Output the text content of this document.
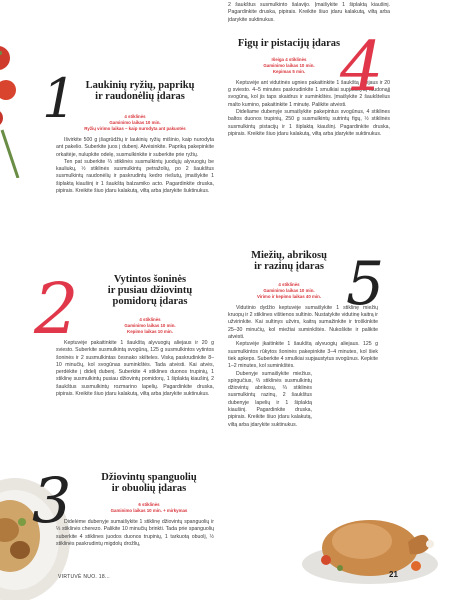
1 Laukinių ryžių, paprikų
ir raudonėlių įdaras
4 stiklinės
Gaminimo laikas 10 min.
Ryžių virimo laikas – kaip nurodyta ant pakuotės

Išvirkite 500 g įšagrūdžių ir laukinių ryžių mišinio, kaip nurodyta ant pakelio. Suberkite juos į dubenį. Atvėsinkite. Papriką pakepinkite orkaitėje, nulupkite odelę, susmulkinkite ir suberkite prie ryžių.

Ten pat suberkite ⅔ stiklinės susmulkintų juodųjų alyvuogių be kauliukų, ½ stiklinės susmulkintų petražolių, po 2 šaukštus susmulkintų raudonėlių ir paskrudintų kedro riešutų, įmaišykite 1 šiplaktą kiaušinį ir 1 šaukštą balzamiko acto. Pagardinkite druska, pipirais. Kreikite šiuo įdaru kalakutą, viltą arba įdarykite šuktinukus.

2	Vytintos šoninės
ir pusiau džiovintų
pomidorų įdaras
4 stiklinės
Gaminimo laikas 10 min.
Kepimo laikas 10 min.

Keptuvėje pakaitinkite 1 šaukštą alyvuogių aliejaus ir 20 g sviesto. Suberkite susmulkintą svogūną, 125 g susmulkintos vytintos šoninės ir 2 susmulkintas česnako skilteles. Viską paskrudinkite 8–10 minučių, kol svogūnas suminkštės. Tada atvėsti. Kai atvės, perdėkite į didelį dubenį. Suberkite 4 stiklines duonos trupinių, 1 stiklinę susmulkintų pusiau džiovintų pomidorų, 1 šiplaktą kiaušinį, 2 šaukštus susmulkintų rozmarino lapelių. Pagardinkite druska, pipirais. Kreikite šiuo įdaru kalakutą, viltą arba įdarykite suktinukus.

3	Džiovintų spanguolių
ir obuolių įdaras
6 stiklinės
Gaminimo laikas 10 min. + mirkymas

Didelėme dubenyje sumaišykite 1 stiklinę džiovintų spanguolių ir ⅓ stiklinės cherezo. Palikite 10 minučių brinkti. Tada prie spanguolių suberkite 4 stiklines juodos duonos trupinių, 1 tarkuotą obuolį, ½ stiklinės paskrudintų migdolų drožlių,

2 šaukštus susmulkinto šalavijo. Įmaišykite 1 šiplaktą kiaušinį. Pagardinkite druska, pipirais. Kreikite šiuo įdaru kalakutą, viltą arba įdarykite suktinukus.

4
Figų ir pistacijų įdaras
Išeiga 4 stiklinės
Gaminimo laikas 10 min.
Kepimas 5 min.

Keptuvėje ant vidutinės ugnies pakaitinkite 1 šaukštą aliejaus ir 20 g sviesto. 4–5 minutes paskrudinkite 1 smulkiai supjaustytą raudonąjį svogūną, kol jis taps skaidrus ir suminkštės. Įmaišykite 2 šaukštelius malto kumino, pakaitinkite 1 minutę. Palikite atvėsti.

Dideliame dubenyje sumaišykite pakepintus svogūnus, 4 stiklines baltos duonos trupinių, 250 g susmulkintų sutrintų figų, ½ stiklinės susmulkintų pistacijų ir 1 šiplaktą kiaušinį. Pagardinkite druska, pipirais. Kreikite šiuo įdaru kalakutą, viltą arba įdarykite suktinukus.

5
Miežių, abrikosų
ir razinų įdaras
4 stiklinės
Gaminimo laikas 10 min.
Virimo ir kepimo laikas 40 min.

Vidutinio dydžio keptuvėje sumaišykite 1 stiklinę miežių kruopų ir 2 stiklines vištienos sultinio. Nustatykite vidutinę kaitrą ir užvirinkite. Kai sultinys užvirs, kaitrą sumažinkite ir troškinkite 25–30 minučių, kol miežiai suminkštės. Nukoškite ir palikite atvėsti.

Keptuvėje įkaitinkite 1 šaukštą alyvuogių aliejaus. 125 g susmulkintos rūkytos šoninės pakepinkite 3–4 minutes, kol šiek tiek apkeps. Suberkite 4 smulkiai supjaustytus svogūnus. Kepkite 1–2 minutes, kol suminkštės.

Dubenyje sumaišykite miežius, spirgučius, ⅔ stiklinės susmulkintų džiovintų abrikosų, ⅔ stiklinės susmulkintų razinų, 2 šaukštus dubenyje lapelių ir 1 šiplaktą kiaušinį. Pagardinkite druska, pipirais. Kreikite šiuo įdaru kalakutą, viltą arba įdarykite suktinukus.

VIRTUVĖ NUO. 18...	21
